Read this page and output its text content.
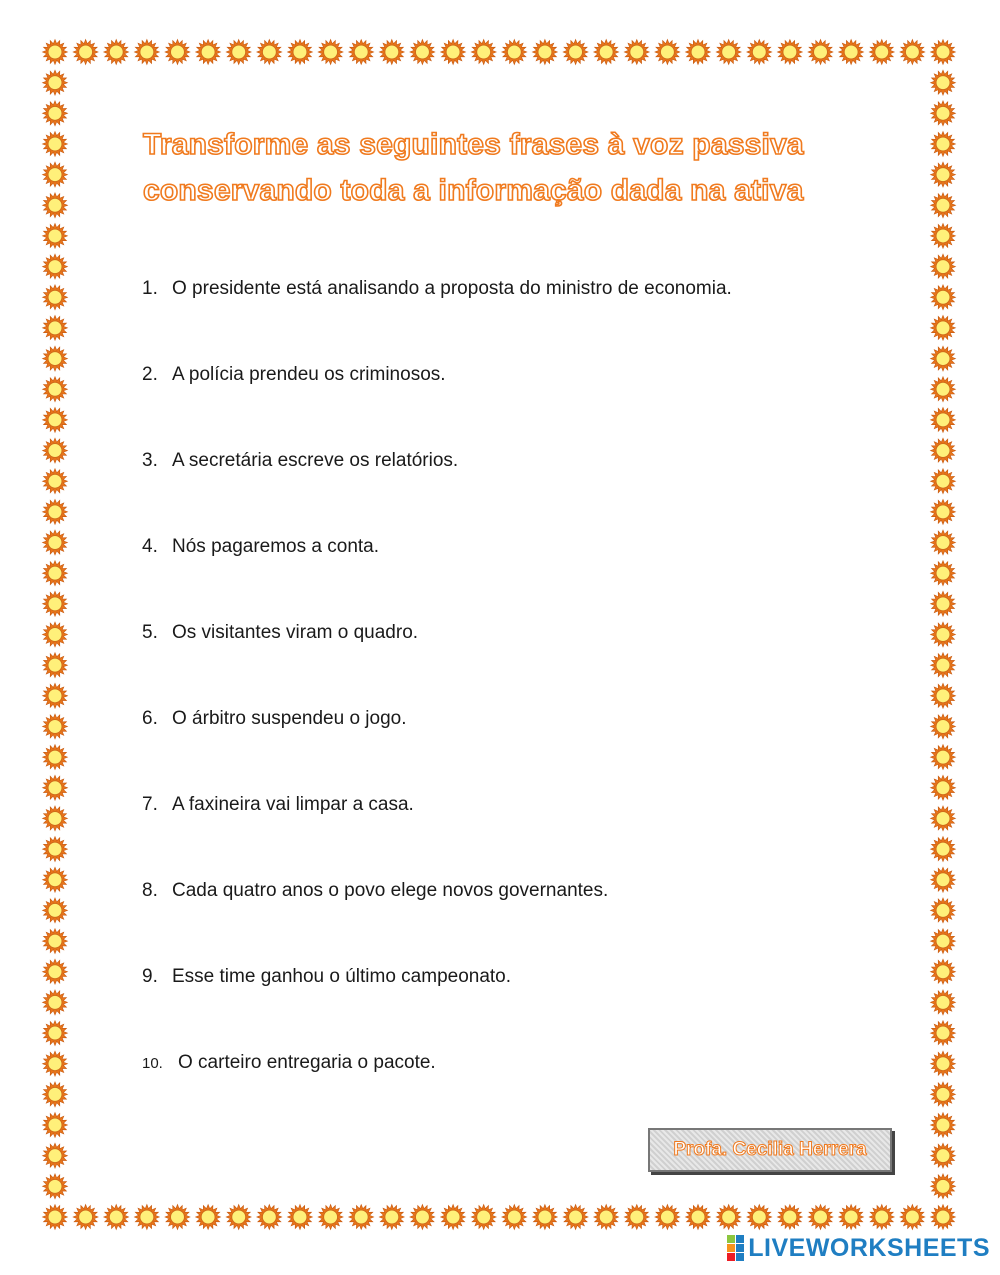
Transforme as seguintes frases à voz passiva
conservando toda a informação dada na ativa
1. O presidente está analisando a proposta do ministro de economia.
2. A polícia prendeu os criminosos.
3. A secretária escreve os relatórios.
4. Nós pagaremos a conta.
5. Os visitantes viram o quadro.
6. O árbitro suspendeu o jogo.
7. A faxineira vai limpar a casa.
8. Cada quatro anos o povo elege novos governantes.
9. Esse time ganhou o último campeonato.
10. O carteiro entregaria o pacote.
Profa. Cecilia Herrera
LIVEWORKSHEETS
